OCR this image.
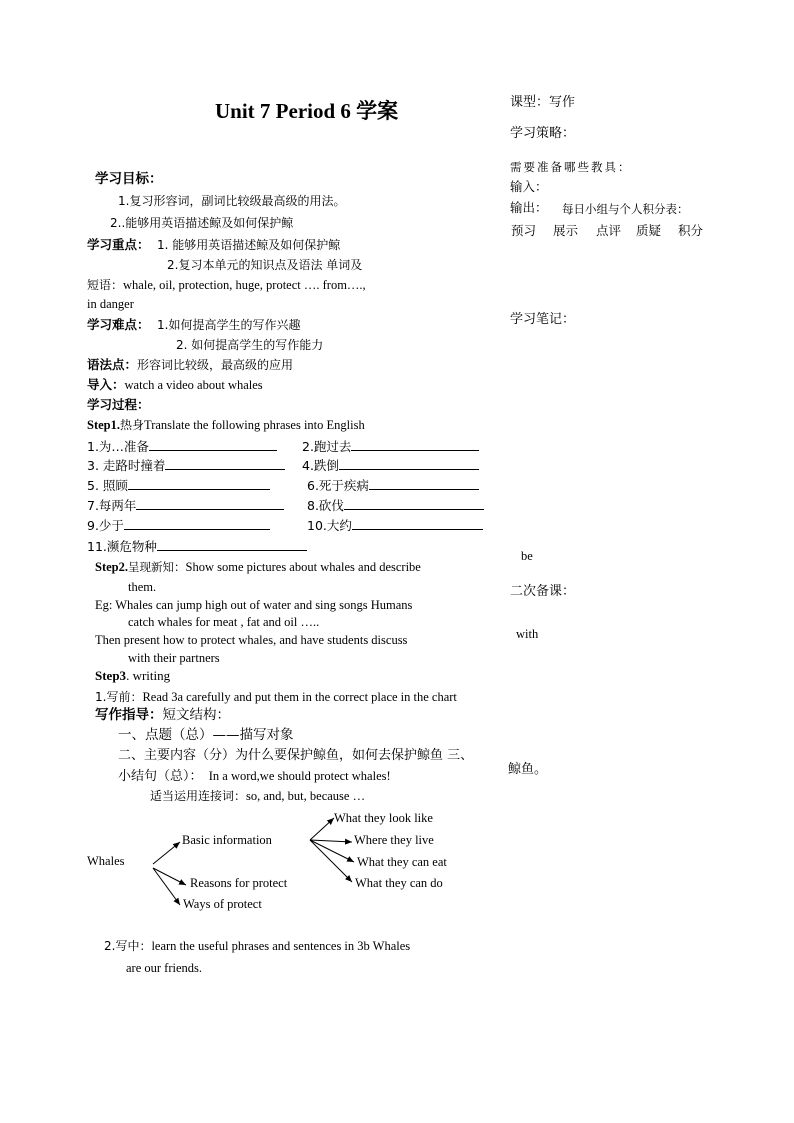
Unit 7 Period 6 学案	课型：写作
学习策略：
需要准备哪些教具：
输入：
输出： 每日小组与个人积分表：
预习 展示 点评 质疑 积分
学习笔记：
be
二次备课：
with
鲸鱼。
学习目标：
1.复习形容词，副词比较级最高级的用法。
2..能够用英语描述鲸及如何保护鲸
学习重点： 1. 能够用英语描述鲸及如何保护鲸
2.复习本单元的知识点及语法 单词及
短语：whale, oil, protection, huge, protect …. from….,
in danger
学习难点： 1.如何提高学生的写作兴趣
2. 如何提高学生的写作能力
语法点：形容词比较级，最高级的应用
导入：watch a video about whales
学习过程：
Step1.热身Translate the following phrases into English
1.为…准备	2.跑过去
3. 走路时撞着	4.跌倒
5. 照顾	6.死于疾病
7.每两年	8.砍伐
9.少于	10.大约
11.濒危物种
Step2.呈现新知：Show some pictures about whales and describe
them.
Eg: Whales can jump high out of water and sing songs Humans
catch whales for meat , fat and oil …..
Then present how to protect whales, and have students discuss
with their partners
Step3. writing
1.写前：Read 3a carefully and put them in the correct place in the chart
写作指导：短文结构：
一、点题（总）——描写对象
二、主要内容（分）为什么要保护鲸鱼，如何去保护鲸鱼 三、
小结句（总）： In a word,we should protect whales!
适当运用连接词：so, and, but, because …
Whales
Basic information
Reasons for protect
Ways of protect
What they look like
Where they live
What they can eat
What they can do
2.写中：learn the useful phrases and sentences in 3b Whales
are our friends.
